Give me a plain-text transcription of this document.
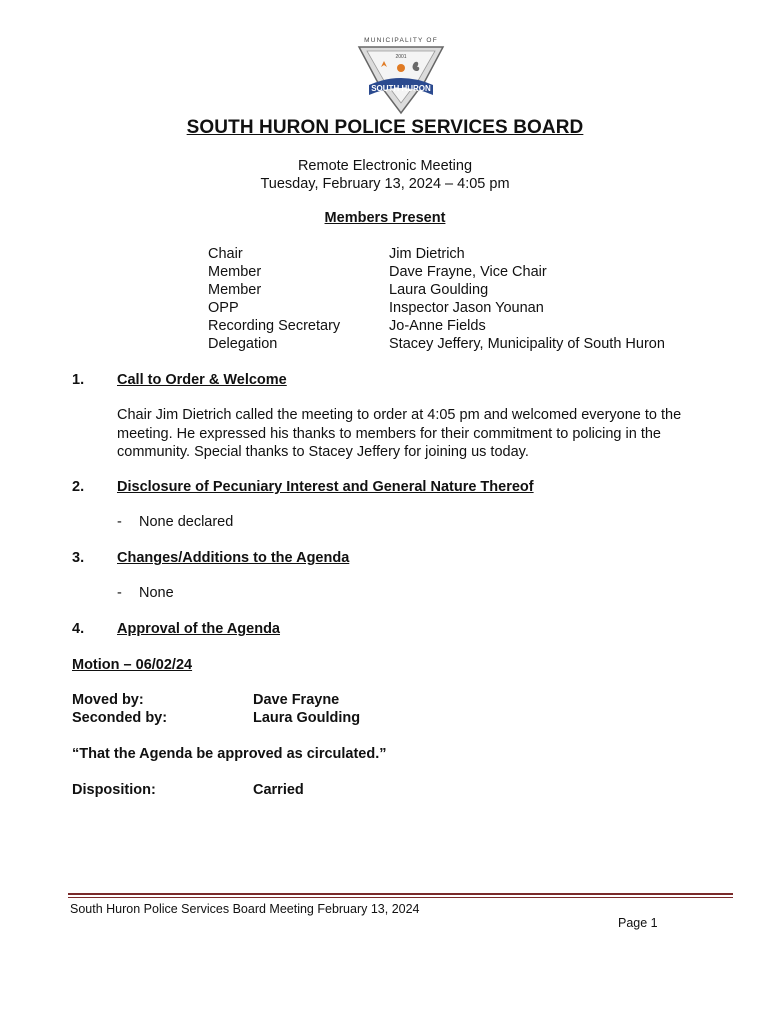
MUNICIPALITY OF
2001
SOUTH HURON
SOUTH HURON POLICE SERVICES BOARD
Remote Electronic Meeting
Tuesday, February 13, 2024 – 4:05 pm
Members Present
Chair	Jim Dietrich
Member	Dave Frayne, Vice Chair
Member	Laura Goulding
OPP	Inspector Jason Younan
Recording Secretary	Jo-Anne Fields
Delegation	Stacey Jeffery, Municipality of South Huron
1. Call to Order & Welcome
Chair Jim Dietrich called the meeting to order at 4:05 pm and welcomed everyone to the
meeting. He expressed his thanks to members for their commitment to policing in the
community. Special thanks to Stacey Jeffery for joining us today.
2. Disclosure of Pecuniary Interest and General Nature Thereof
- None declared
3. Changes/Additions to the Agenda
- None
4. Approval of the Agenda
Motion – 06/02/24
Moved by:	Dave Frayne
Seconded by:	Laura Goulding
“That the Agenda be approved as circulated.”
Disposition:	Carried
South Huron Police Services Board Meeting February 13, 2024
Page 1
